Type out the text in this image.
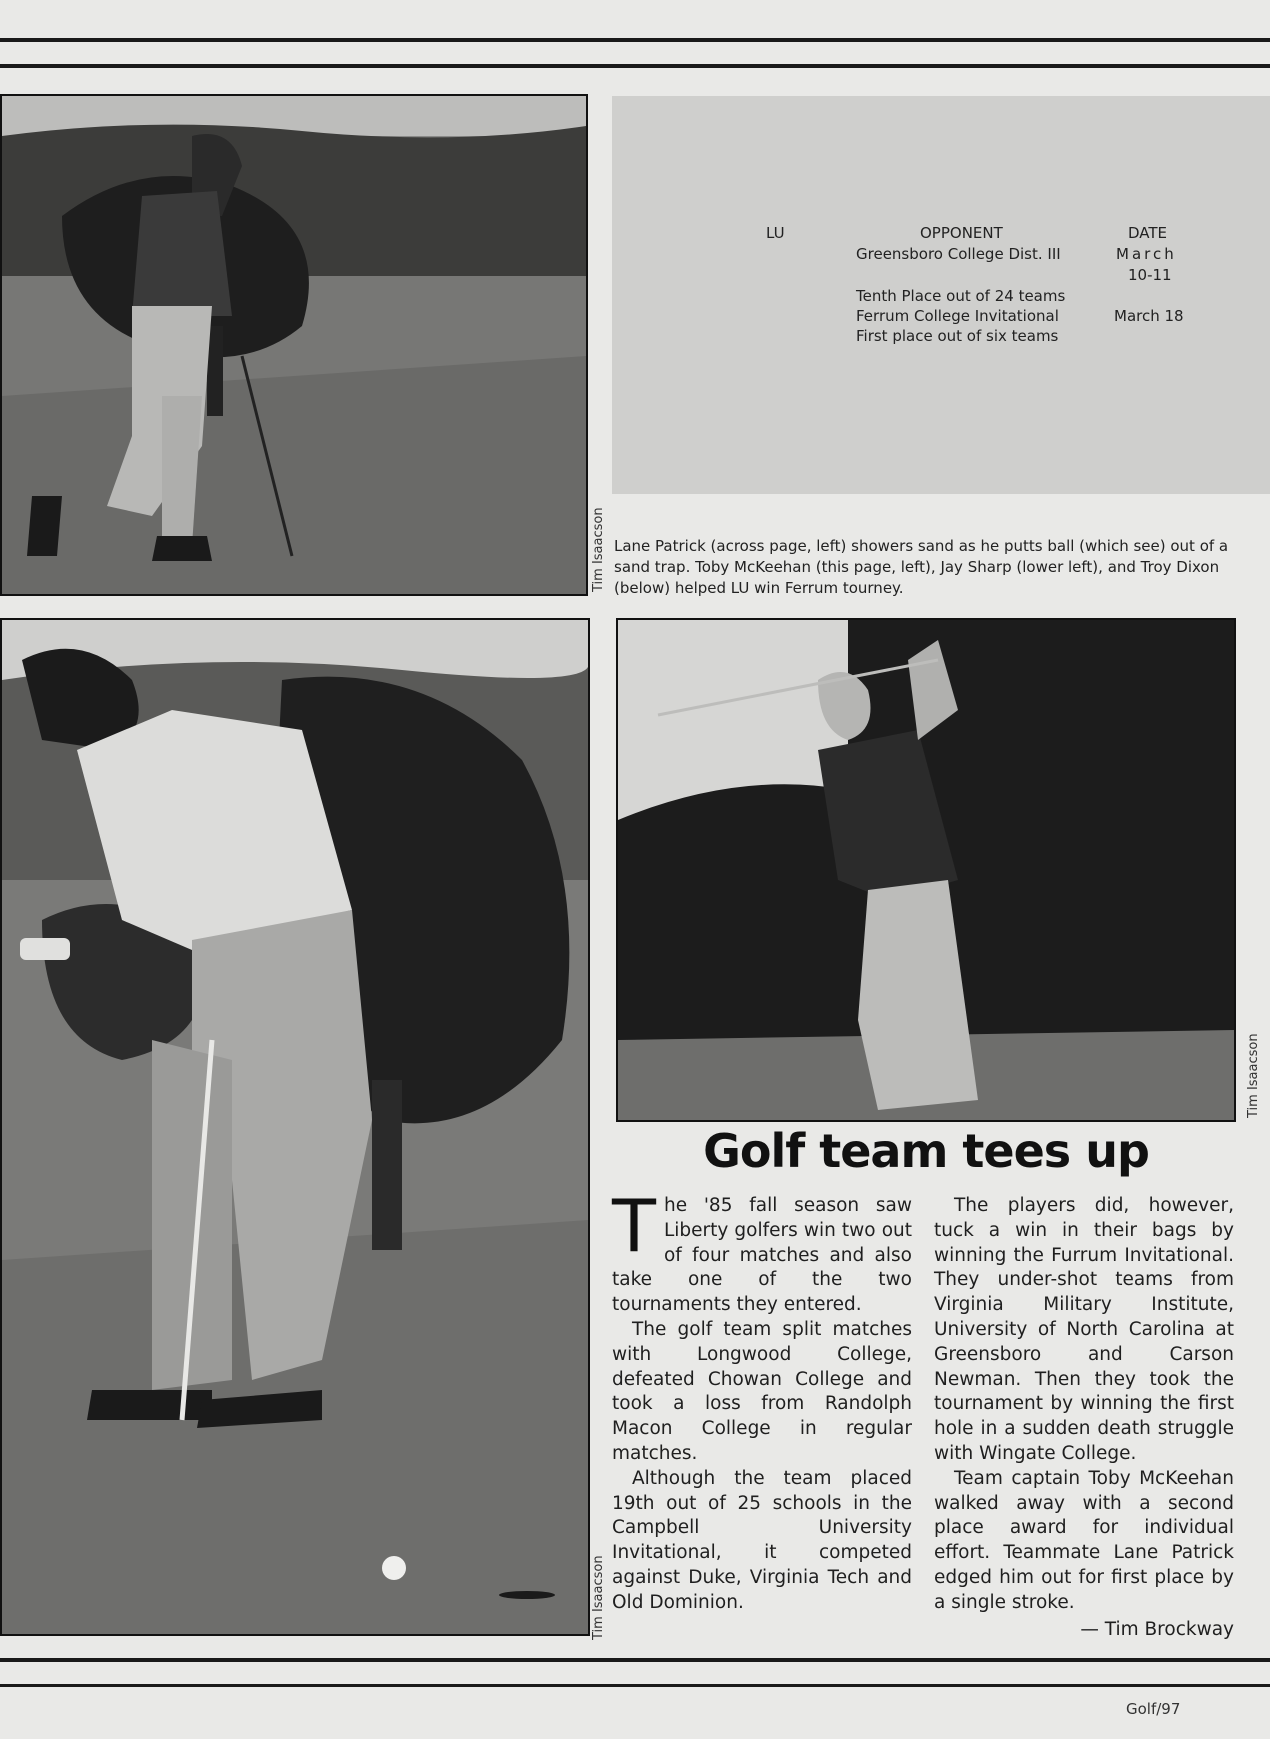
Tim Isaacson
LU	OPPONENT	DATE
Greensboro College Dist. III	March
10-11
Tenth Place out of 24 teams
Ferrum College Invitational	March 18
First place out of six teams
Lane Patrick (across page, left) showers sand as he putts ball (which see) out of a sand trap. Toby McKeehan (this page, left), Jay Sharp (lower left), and Troy Dixon (below) helped LU win Ferrum tourney.
Tim Isaacson
Tim Isaacson
Golf team tees up

The '85 fall season saw Liberty golfers win two out of four matches and also take one of the two tournaments they entered.

The golf team split matches with Longwood College, defeated Chowan College and took a loss from Randolph Macon College in regular matches.

Although the team placed 19th out of 25 schools in the Campbell University Invitational, it competed against Duke, Virginia Tech and Old Dominion.

The players did, however, tuck a win in their bags by winning the Furrum Invitational. They under-shot teams from Virginia Military Institute, University of North Carolina at Greensboro and Carson Newman. Then they took the tournament by winning the first hole in a sudden death struggle with Wingate College.

Team captain Toby McKeehan walked away with a second place award for individual effort. Teammate Lane Patrick edged him out for first place by a single stroke.

— Tim Brockway
Golf/97
